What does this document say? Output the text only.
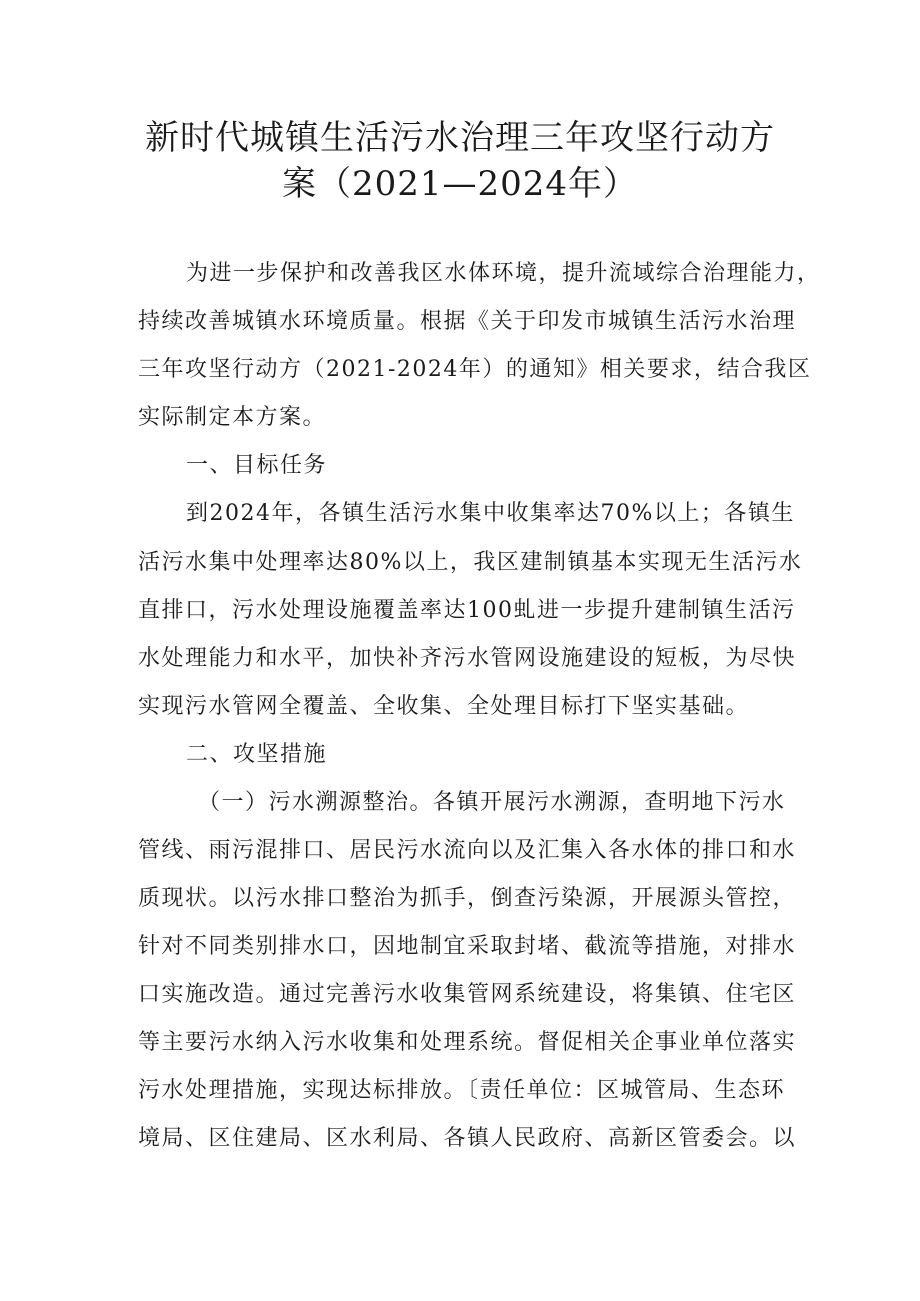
新时代城镇生活污水治理三年攻坚行动方
案（2021—2024年）
为进一步保护和改善我区水体环境，提升流域综合治理能力，
持续改善城镇水环境质量。根据《关于印发市城镇生活污水治理
三年攻坚行动方（2021-2024年）的通知》相关要求，结合我区
实际制定本方案。
一、目标任务
到2024年，各镇生活污水集中收集率达70%以上；各镇生
活污水集中处理率达80%以上，我区建制镇基本实现无生活污水
直排口，污水处理设施覆盖率达100虬进一步提升建制镇生活污
水处理能力和水平，加快补齐污水管网设施建设的短板，为尽快
实现污水管网全覆盖、全收集、全处理目标打下坚实基础。
二、攻坚措施
（一）污水溯源整治。各镇开展污水溯源，查明地下污水
管线、雨污混排口、居民污水流向以及汇集入各水体的排口和水
质现状。以污水排口整治为抓手，倒查污染源，开展源头管控，
针对不同类别排水口，因地制宜采取封堵、截流等措施，对排水
口实施改造。通过完善污水收集管网系统建设，将集镇、住宅区
等主要污水纳入污水收集和处理系统。督促相关企事业单位落实
污水处理措施，实现达标排放。〔责任单位：区城管局、生态环
境局、区住建局、区水利局、各镇人民政府、高新区管委会。以
